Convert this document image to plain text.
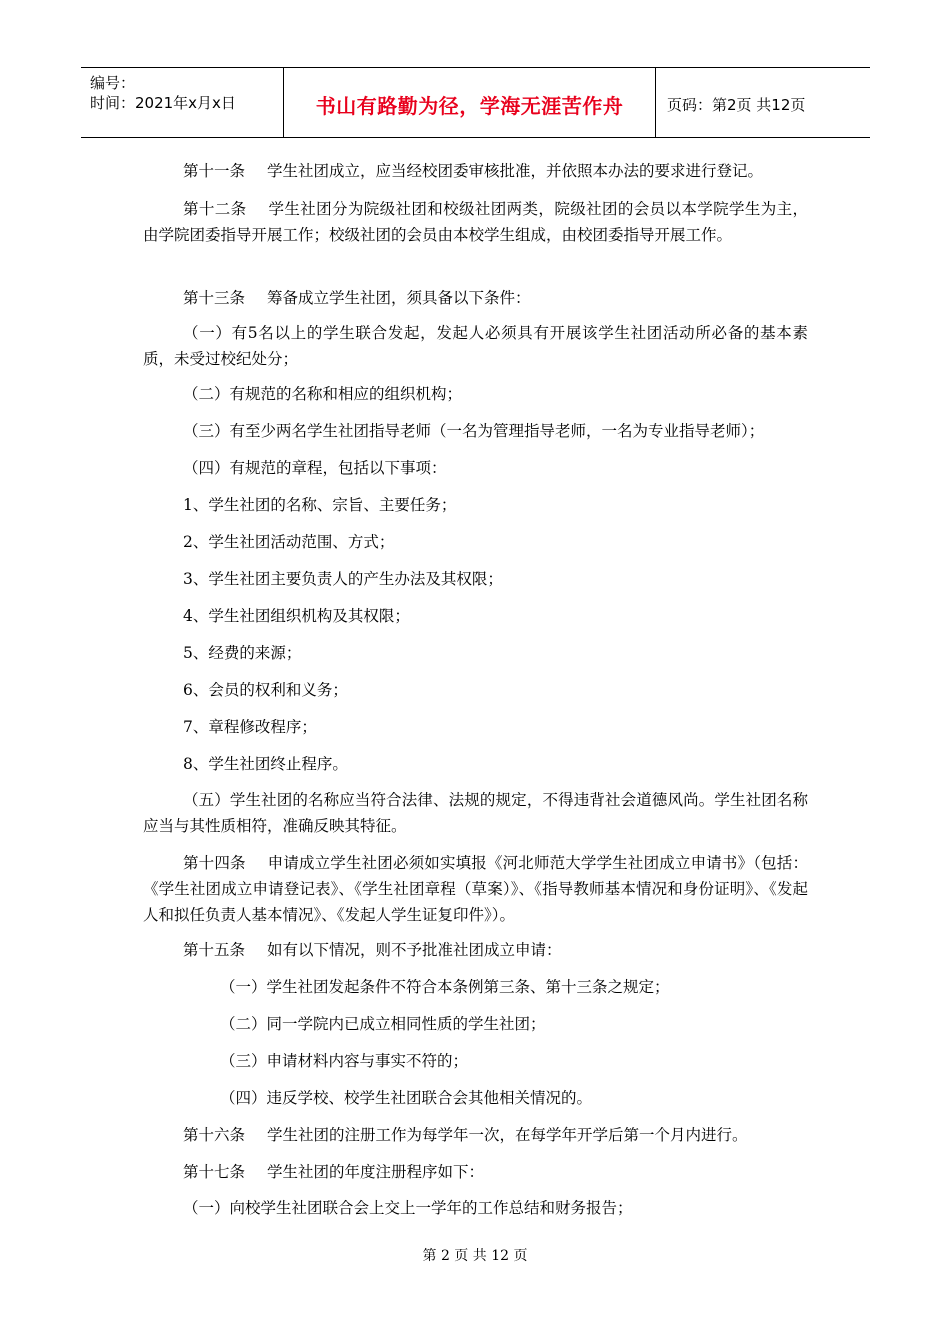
编号：
时间：2021年x月x日	书山有路勤为径，学海无涯苦作舟	页码：第2页 共12页
第十一条 学生社团成立，应当经校团委审核批准，并依照本办法的要求进行登记。
第十二条 学生社团分为院级社团和校级社团两类，院级社团的会员以本学院学生为主，由学院团委指导开展工作；校级社团的会员由本校学生组成，由校团委指导开展工作。
第十三条 筹备成立学生社团，须具备以下条件：
（一）有5名以上的学生联合发起，发起人必须具有开展该学生社团活动所必备的基本素质，未受过校纪处分；
（二）有规范的名称和相应的组织机构；
（三）有至少两名学生社团指导老师（一名为管理指导老师，一名为专业指导老师）；
（四）有规范的章程，包括以下事项：
1、学生社团的名称、宗旨、主要任务；
2、学生社团活动范围、方式；
3、学生社团主要负责人的产生办法及其权限；
4、学生社团组织机构及其权限；
5、经费的来源；
6、会员的权利和义务；
7、章程修改程序；
8、学生社团终止程序。
（五）学生社团的名称应当符合法律、法规的规定，不得违背社会道德风尚。学生社团名称应当与其性质相符，准确反映其特征。
第十四条 申请成立学生社团必须如实填报《河北师范大学学生社团成立申请书》（包括：《学生社团成立申请登记表》、《学生社团章程（草案）》、《指导教师基本情况和身份证明》、《发起人和拟任负责人基本情况》、《发起人学生证复印件》）。
第十五条 如有以下情况，则不予批准社团成立申请：
（一）学生社团发起条件不符合本条例第三条、第十三条之规定；
（二）同一学院内已成立相同性质的学生社团；
（三）申请材料内容与事实不符的；
（四）违反学校、校学生社团联合会其他相关情况的。
第十六条 学生社团的注册工作为每学年一次，在每学年开学后第一个月内进行。
第十七条 学生社团的年度注册程序如下：
（一）向校学生社团联合会上交上一学年的工作总结和财务报告；
第 2 页 共 12 页
